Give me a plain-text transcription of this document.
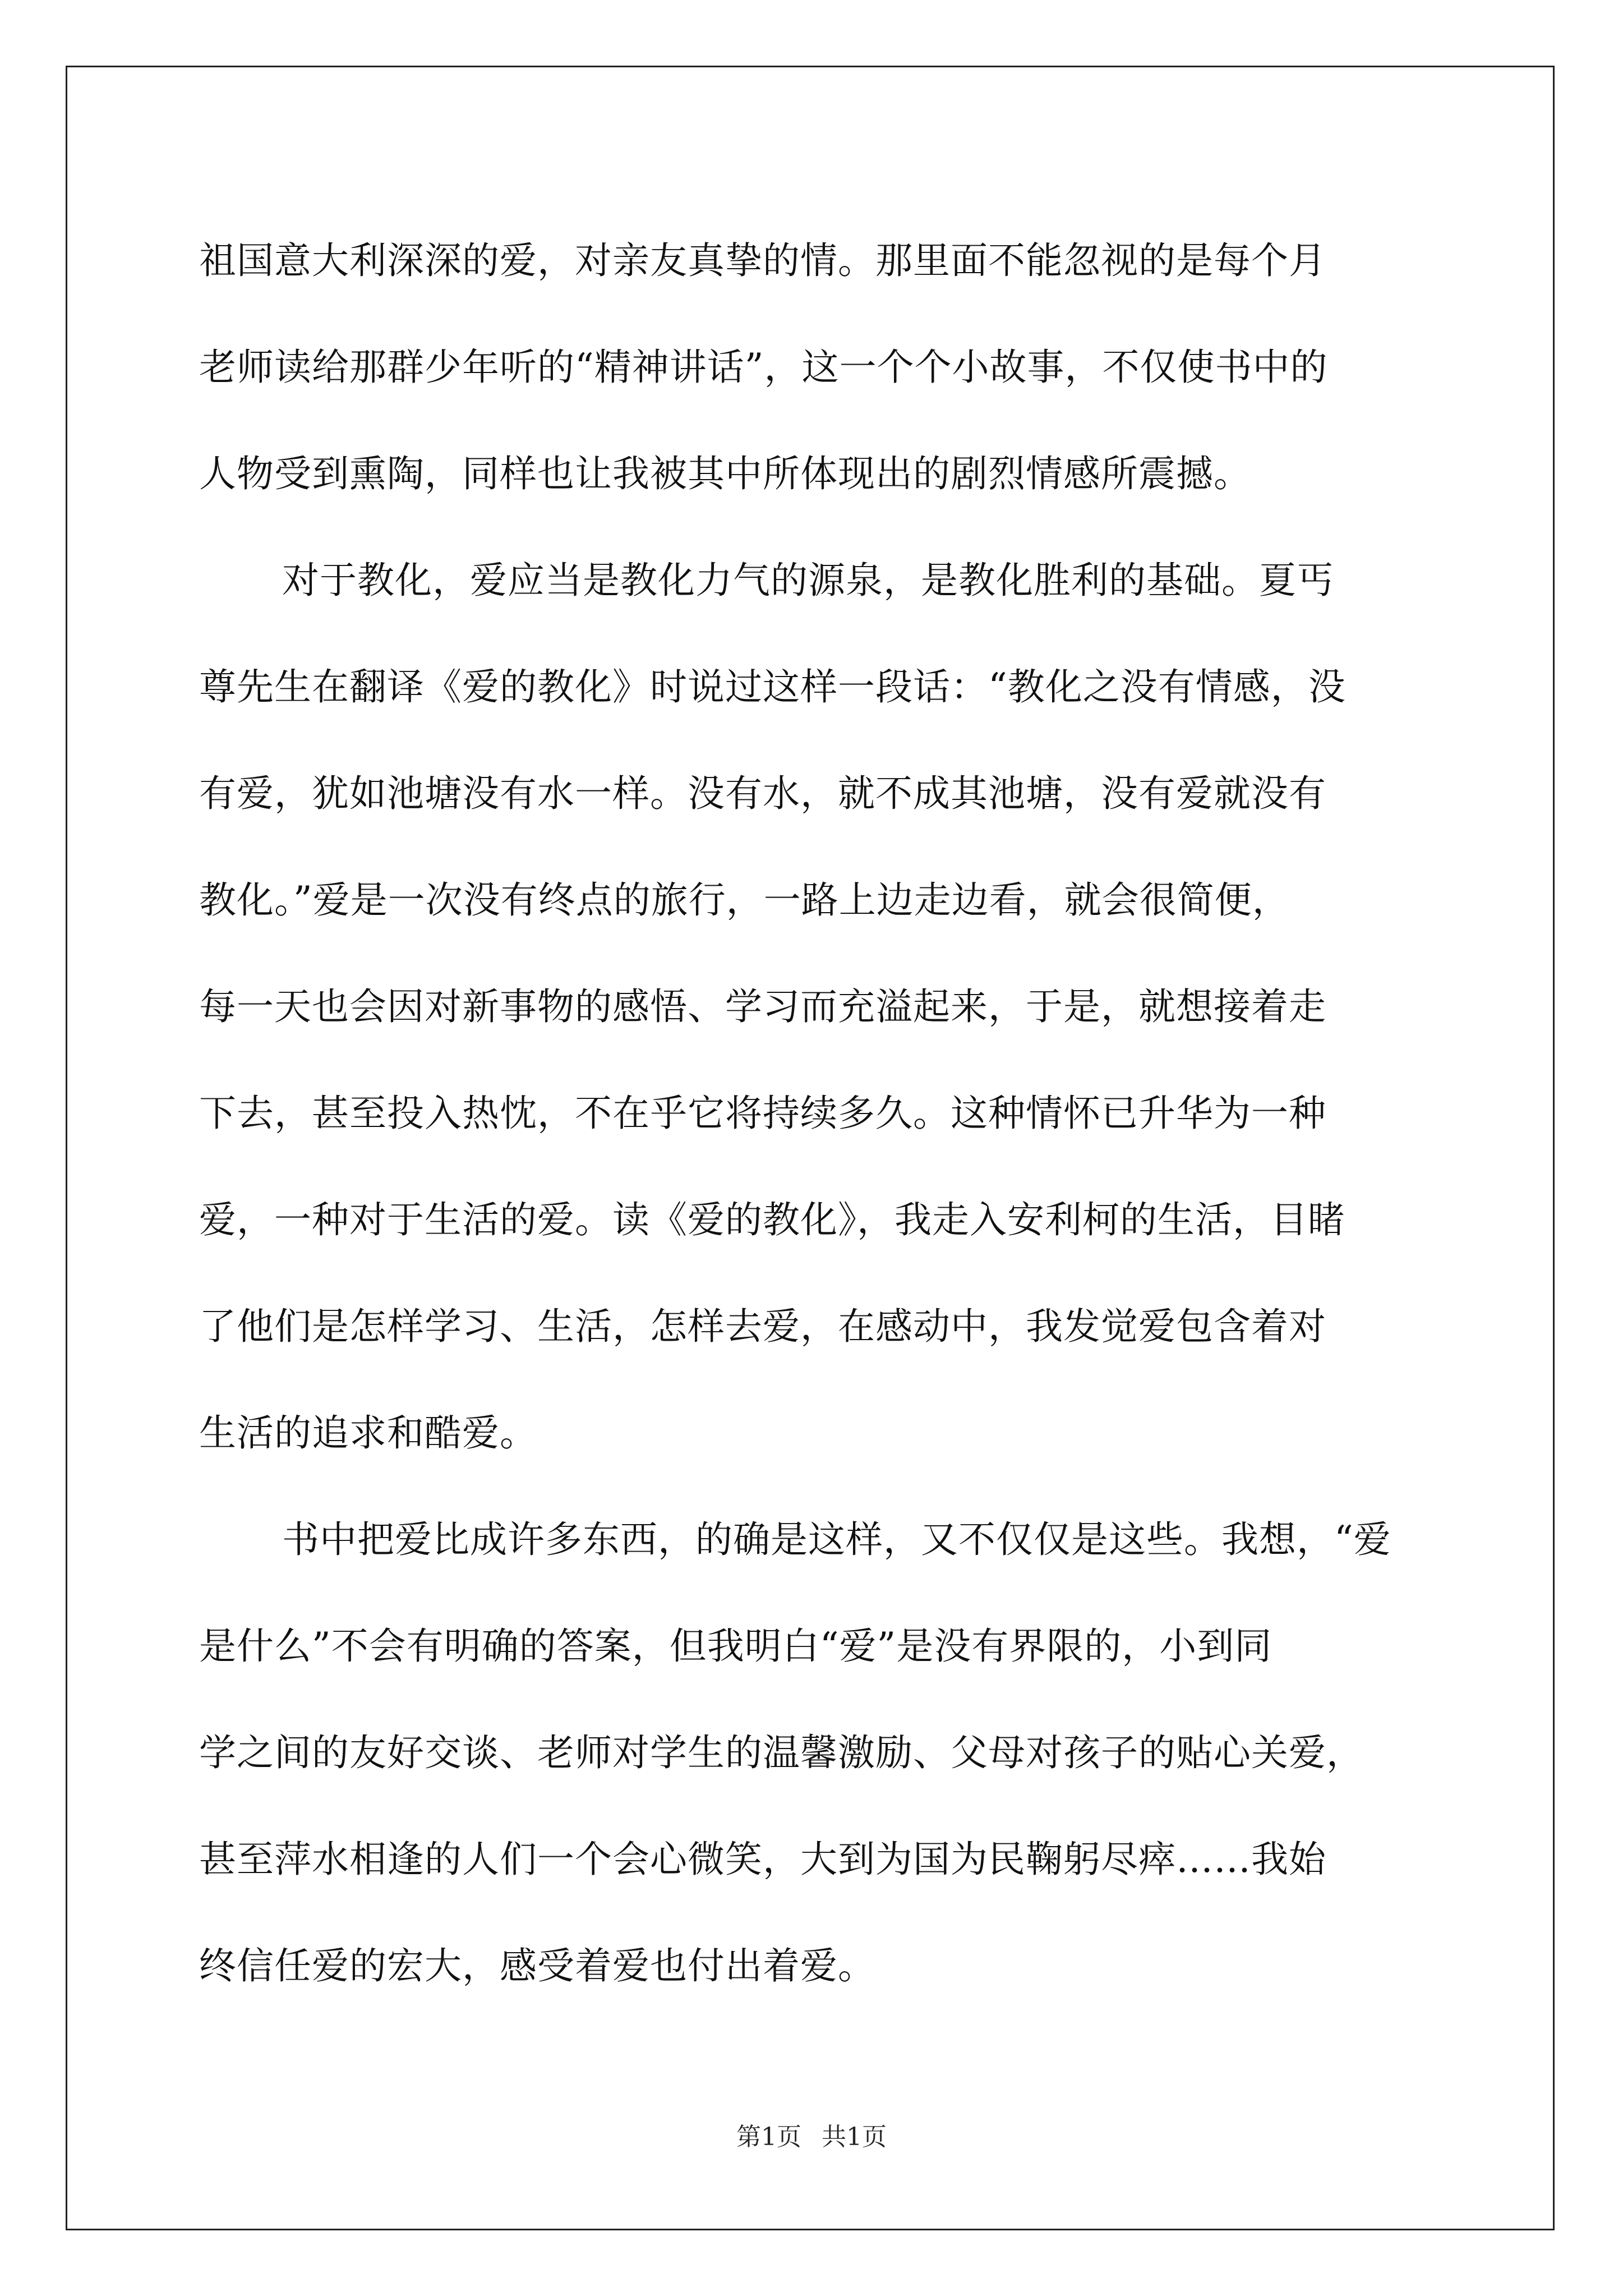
祖国意大利深深的爱，对亲友真挚的情。那里面不能忽视的是每个月
老师读给那群少年听的“精神讲话”，这一个个小故事，不仅使书中的
人物受到熏陶，同样也让我被其中所体现出的剧烈情感所震撼。
对于教化，爱应当是教化力气的源泉，是教化胜利的基础。夏丐
尊先生在翻译《爱的教化》时说过这样一段话：“教化之没有情感，没
有爱，犹如池塘没有水一样。没有水，就不成其池塘，没有爱就没有
教化。”爱是一次没有终点的旅行，一路上边走边看，就会很简便，
每一天也会因对新事物的感悟、学习而充溢起来，于是，就想接着走
下去，甚至投入热忱，不在乎它将持续多久。这种情怀已升华为一种
爱，一种对于生活的爱。读《爱的教化》，我走入安利柯的生活，目睹
了他们是怎样学习、生活，怎样去爱，在感动中，我发觉爱包含着对
生活的追求和酷爱。
书中把爱比成许多东西，的确是这样，又不仅仅是这些。我想，“爱
是什么”不会有明确的答案，但我明白“爱”是没有界限的，小到同
学之间的友好交谈、老师对学生的温馨激励、父母对孩子的贴心关爱，
甚至萍水相逢的人们一个会心微笑，大到为国为民鞠躬尽瘁……我始
终信任爱的宏大，感受着爱也付出着爱。
第1页 共1页
